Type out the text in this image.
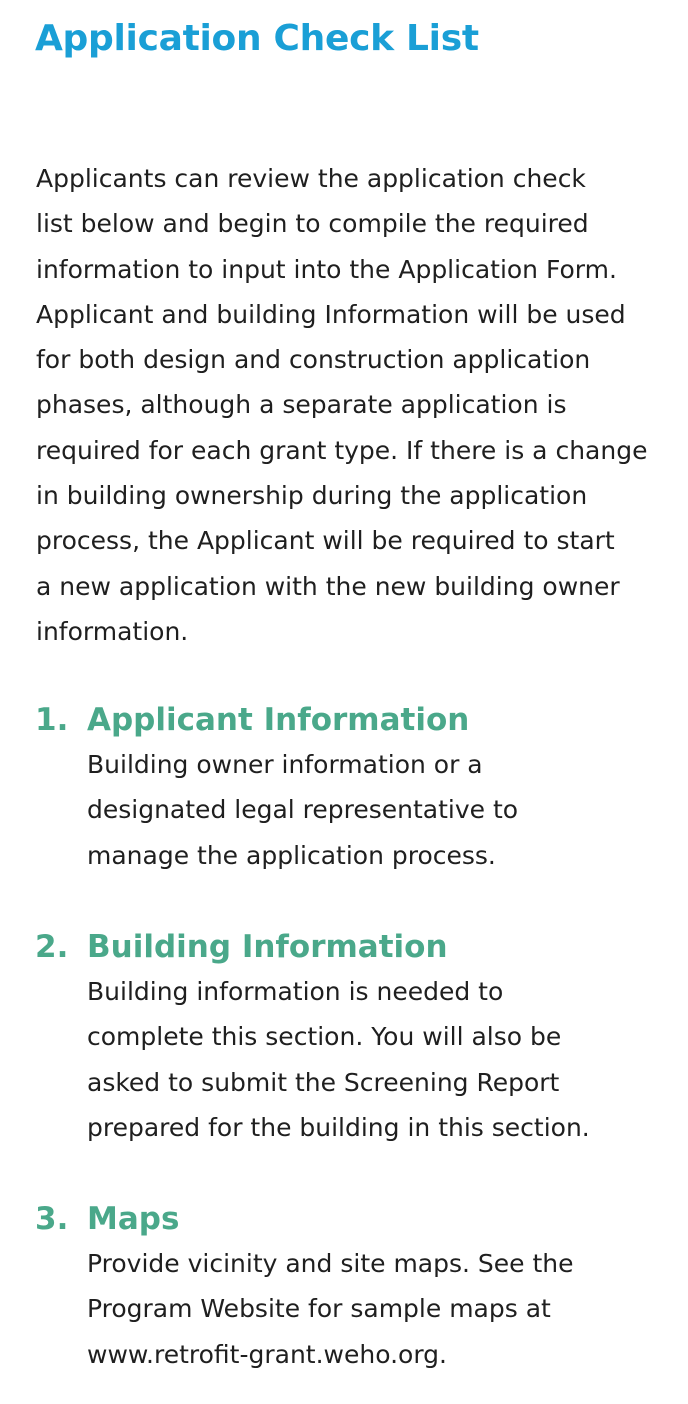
Application Check List

Applicants can review the application check
list below and begin to compile the required
information to input into the Application Form.
Applicant and building Information will be used
for both design and construction application
phases, although a separate application is
required for each grant type. If there is a change
in building ownership during the application
process, the Applicant will be required to start
a new application with the new building owner
information.

1. Applicant Information

Building owner information or a
designated legal representative to
manage the application process.

2. Building Information

Building information is needed to
complete this section. You will also be
asked to submit the Screening Report
prepared for the building in this section.

3. Maps

Provide vicinity and site maps. See the
Program Website for sample maps at
www.retrofit-grant.weho.org.
